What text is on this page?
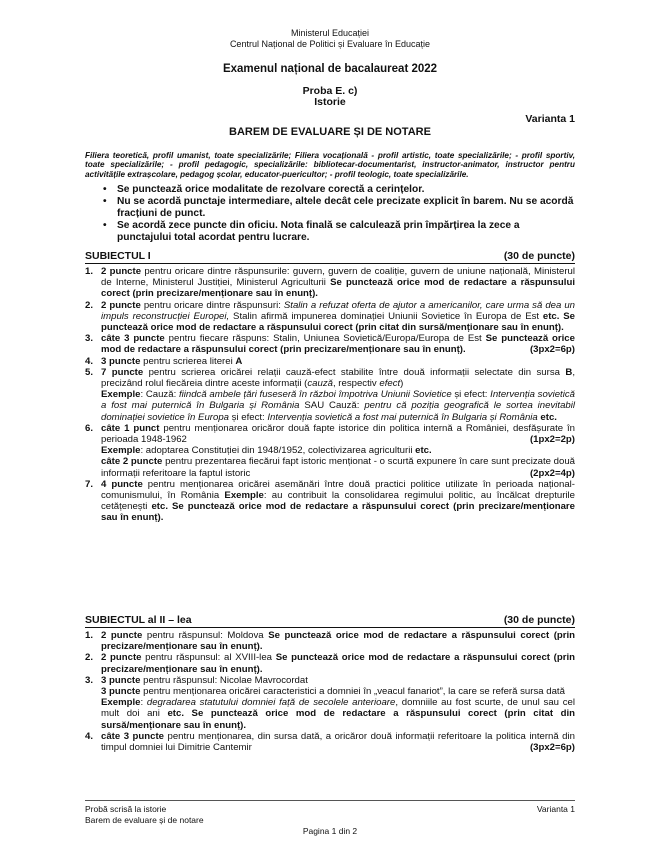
Ministerul Educației
Centrul Național de Politici și Evaluare în Educație
Examenul național de bacalaureat 2022
Proba E. c)
Istorie
Varianta 1
BAREM DE EVALUARE ȘI DE NOTARE
Filiera teoretică, profil umanist, toate specializările; Filiera vocațională - profil artistic, toate specializările; - profil sportiv, toate specializările; - profil pedagogic, specializările: bibliotecar-documentarist, instructor-animator, instructor pentru activitățile extrașcolare, pedagog școlar, educator-puericultor; - profil teologic, toate specializările.
• Se punctează orice modalitate de rezolvare corectă a cerințelor.
• Nu se acordă punctaje intermediare, altele decât cele precizate explicit în barem. Nu se acordă fracțiuni de punct.
• Se acordă zece puncte din oficiu. Nota finală se calculează prin împărțirea la zece a punctajului total acordat pentru lucrare.
SUBIECTUL I	(30 de puncte)
1. 2 puncte pentru oricare dintre răspunsurile: guvern, guvern de coaliție, guvern de uniune națională, Ministerul de Interne, Ministerul Justiției, Ministerul Agriculturii Se punctează orice mod de redactare a răspunsului corect (prin precizare/menționare sau în enunț).
2. 2 puncte pentru oricare dintre răspunsuri: Stalin a refuzat oferta de ajutor a americanilor, care urma să dea un impuls reconstrucției Europei, Stalin afirmă impunerea dominației Uniunii Sovietice în Europa de Est etc. Se punctează orice mod de redactare a răspunsului corect (prin citat din sursă/menționare sau în enunț).
3. câte 3 puncte pentru fiecare răspuns: Stalin, Uniunea Sovietică/Europa/Europa de Est Se punctează orice mod de redactare a răspunsului corect (prin precizare/menționare sau în enunț).	(3px2=6p)
4. 3 puncte pentru scrierea literei A
5. 7 puncte pentru scrierea oricărei relații cauză-efect stabilite între două informații selectate din sursa B, precizând rolul fiecăreia dintre aceste informații (cauză, respectiv efect)

Exemple: Cauză: fiindcă ambele țări fuseseră în război împotriva Uniunii Sovietice și efect: Intervenția sovietică a fost mai puternică în Bulgaria și România SAU Cauză: pentru că poziția geografică le sortea inevitabil dominației sovietice în Europa și efect: Intervenția sovietică a fost mai puternică în Bulgaria și România etc.

6. câte 1 punct pentru menționarea oricăror două fapte istorice din politica internă a României, desfășurate în perioada 1948-1962	(1px2=2p)

Exemple: adoptarea Constituției din 1948/1952, colectivizarea agriculturii etc.

câte 2 puncte pentru prezentarea fiecărui fapt istoric menționat - o scurtă expunere în care sunt precizate două informații referitoare la faptul istoric	(2px2=4p)

7. 4 puncte pentru menționarea oricărei asemănări între două practici politice utilizate în perioada național-comunismului, în România Exemple: au contribuit la consolidarea regimului politic, au încălcat drepturile cetățenești etc. Se punctează orice mod de redactare a răspunsului corect (prin precizare/menționare sau în enunț).
SUBIECTUL al II – lea	(30 de puncte)
1. 2 puncte pentru răspunsul: Moldova Se punctează orice mod de redactare a răspunsului corect (prin precizare/menționare sau în enunț).
2. 2 puncte pentru răspunsul: al XVIII-lea Se punctează orice mod de redactare a răspunsului corect (prin precizare/menționare sau în enunț).
3. 3 puncte pentru răspunsul: Nicolae Mavrocordat

3 puncte pentru menționarea oricărei caracteristici a domniei în „veacul fanariot”, la care se referă sursa dată

Exemple: degradarea statutului domniei față de secolele anterioare, domniile au fost scurte, de unul sau cel mult doi ani etc. Se punctează orice mod de redactare a răspunsului corect (prin citat din sursă/menționare sau în enunț).

4. câte 3 puncte pentru menționarea, din sursa dată, a oricăror două informații referitoare la politica internă din timpul domniei lui Dimitrie Cantemir	(3px2=6p)
Probă scrisă la istorie	Varianta 1
Barem de evaluare și de notare
Pagina 1 din 2
